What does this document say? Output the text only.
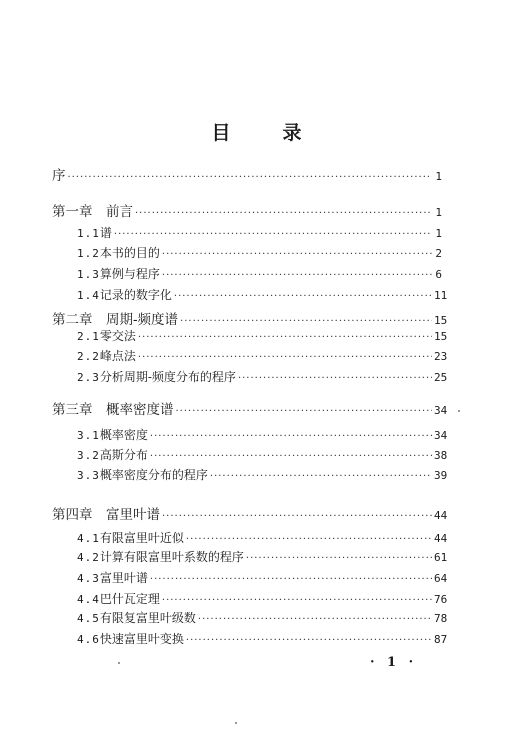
目	录
序 ·····	1
第一章　前言 ·····	1
1.1 谱 ·····	1
1.2 本书的目的 ·····	2
1.3 算例与程序 ·····	6
1.4 记录的数字化 ·····	11
第二章　周期-频度谱 ·····	15
2.1 零交法 ·····	15
2.2 峰点法 ·····	23
2.3 分析周期-频度分布的程序 ·····	25
第三章　概率密度谱 ·····	34
3.1 概率密度 ·····	34
3.2 高斯分布 ·····	38
3.3 概率密度分布的程序 ·····	39
第四章　富里叶谱 ·····	44
4.1 有限富里叶近似 ·····	44
4.2 计算有限富里叶系数的程序 ·····	61
4.3 富里叶谱 ·····	64
4.4 巴什瓦定理 ·····	76
4.5 有限复富里叶级数 ·····	78
4.6 快速富里叶变换 ·····	87
· 1 ·
